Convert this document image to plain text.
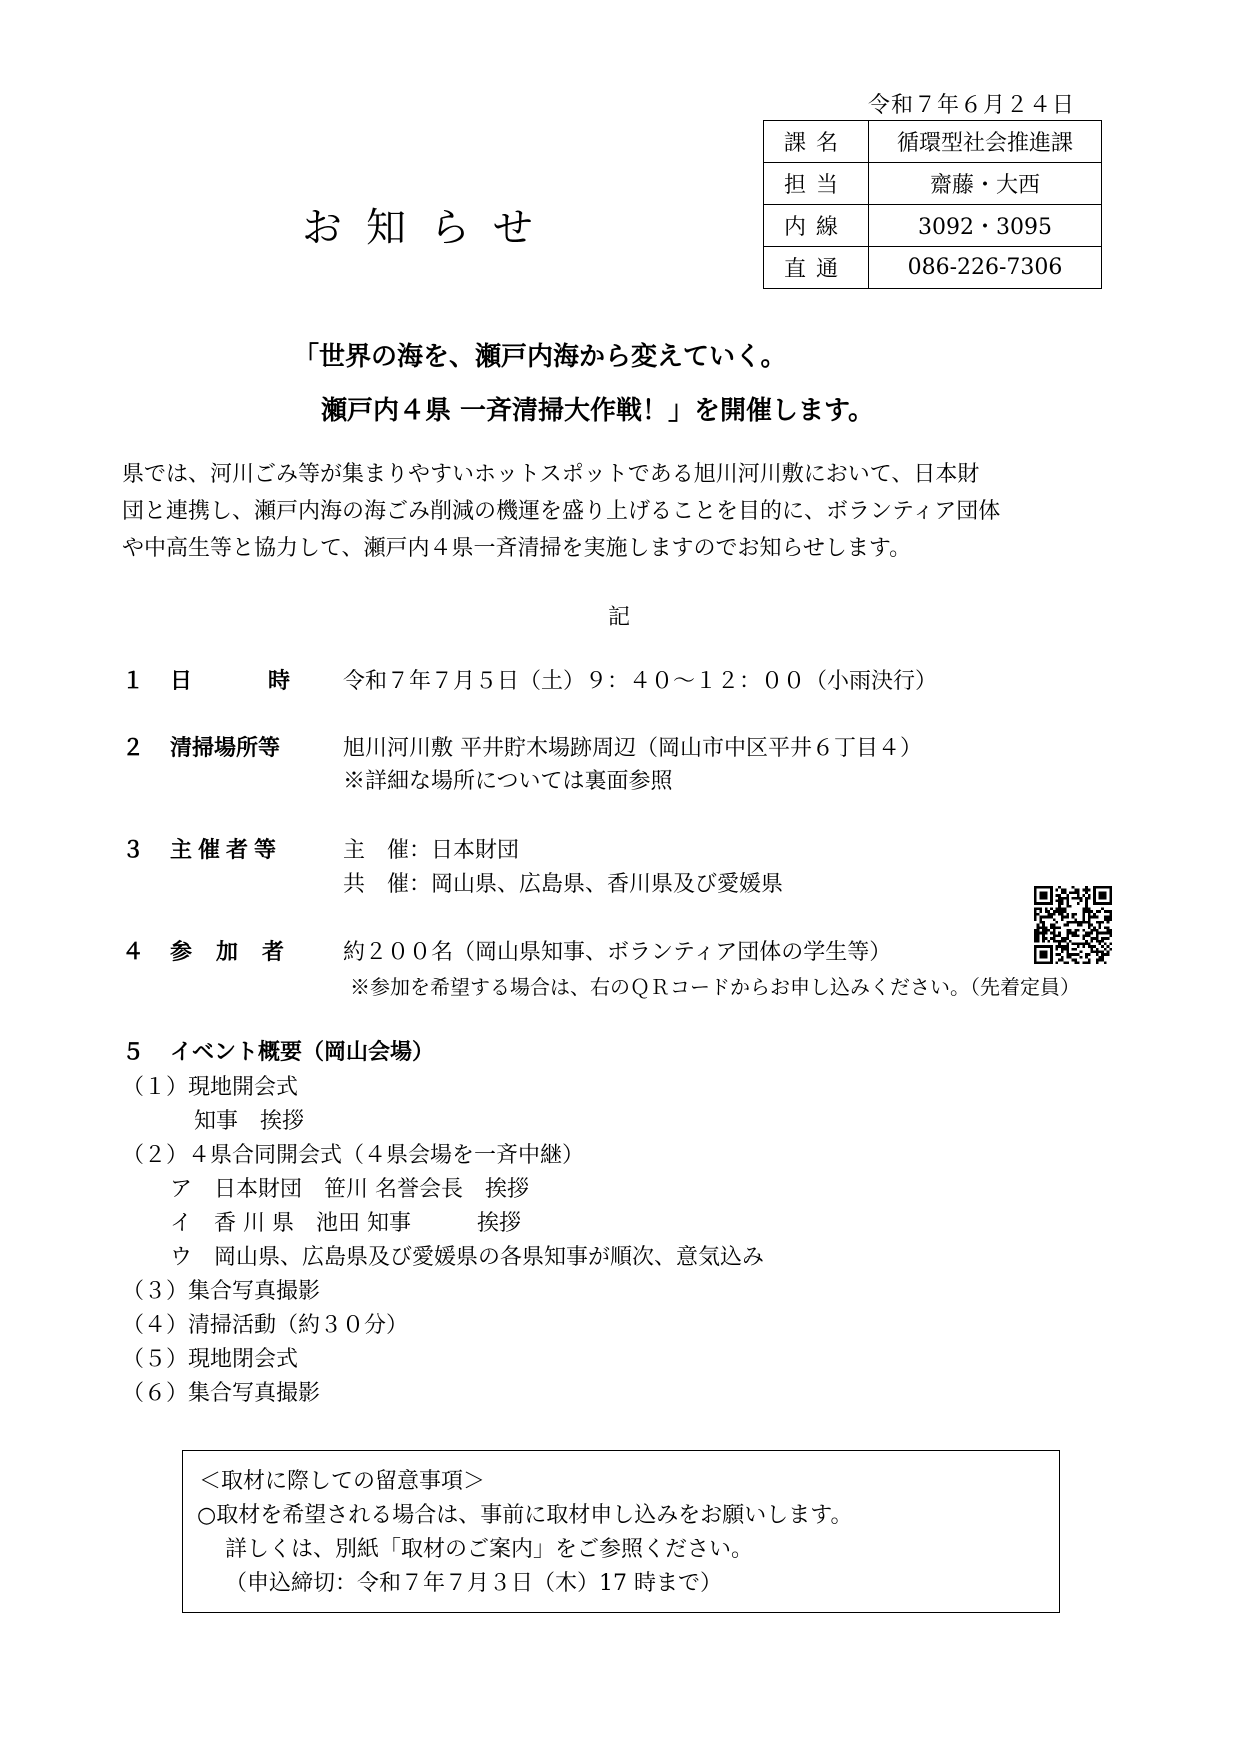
令和７年６月２４日
課名	循環型社会推進課
担当	齋藤・大西
内線	3092・3095
直通	086-226-7306
お知らせ
「世界の海を、瀬戸内海から変えていく。
瀬戸内４県 一斉清掃大作戦！」を開催します。
県では、河川ごみ等が集まりやすいホットスポットである旭川河川敷において、日本財
団と連携し、瀬戸内海の海ごみ削減の機運を盛り上げることを目的に、ボランティア団体
や中高生等と協力して、瀬戸内４県一斉清掃を実施しますのでお知らせします。
記
１ 日	時 令和７年７月５日（土）９：４０～１２：００（小雨決行）
２ 清掃場所等	旭川河川敷 平井貯木場跡周辺（岡山市中区平井６丁目４）
※詳細な場所については裏面参照
３ 主催者等	主　催：日本財団
共　催：岡山県、広島県、香川県及び愛媛県
４ 参加者 約２００名（岡山県知事、ボランティア団体の学生等）
※参加を希望する場合は、右のＱＲコードからお申し込みください。（先着定員）
５ イベント概要（岡山会場）
（１）現地開会式
知事　挨拶
（２）４県合同開会式（４県会場を一斉中継）
ア　日本財団　笹川 名誉会長　挨拶
イ　香 川 県　池田 知事　　　挨拶
ウ　岡山県、広島県及び愛媛県の各県知事が順次、意気込み
（３）集合写真撮影
（４）清掃活動（約３０分）
（５）現地閉会式
（６）集合写真撮影
＜取材に際しての留意事項＞
○取材を希望される場合は、事前に取材申し込みをお願いします。
詳しくは、別紙「取材のご案内」をご参照ください。
（申込締切：令和７年７月３日（木）17 時まで）
